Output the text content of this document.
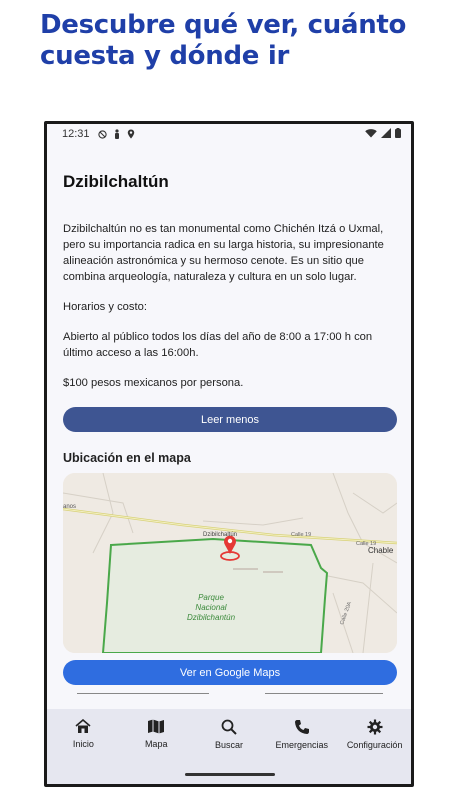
Descubre qué ver, cuánto
cuesta y dónde ir
12:31
Dzibilchaltún

Dzibilchaltún no es tan monumental como Chichén Itzá o Uxmal, pero su importancia radica en su larga historia, su impresionante alineación astronómica y su hermoso cenote. Es un sitio que combina arqueología, naturaleza y cultura en un solo lugar.

Horarios y costo:

Abierto al público todos los días del año de 8:00 a 17:00 h con último acceso a las 16:00h.

$100 pesos mexicanos por persona.

Leer menos
Ubicación en el mapa
anos
Dzibilchaltún	Calle 19
Calle 19
Chable
Calle 20A
Parque
Nacional
Dzibilchantún
Ver en Google Maps
Inicio	Mapa	Buscar	Emergencias Configuración
